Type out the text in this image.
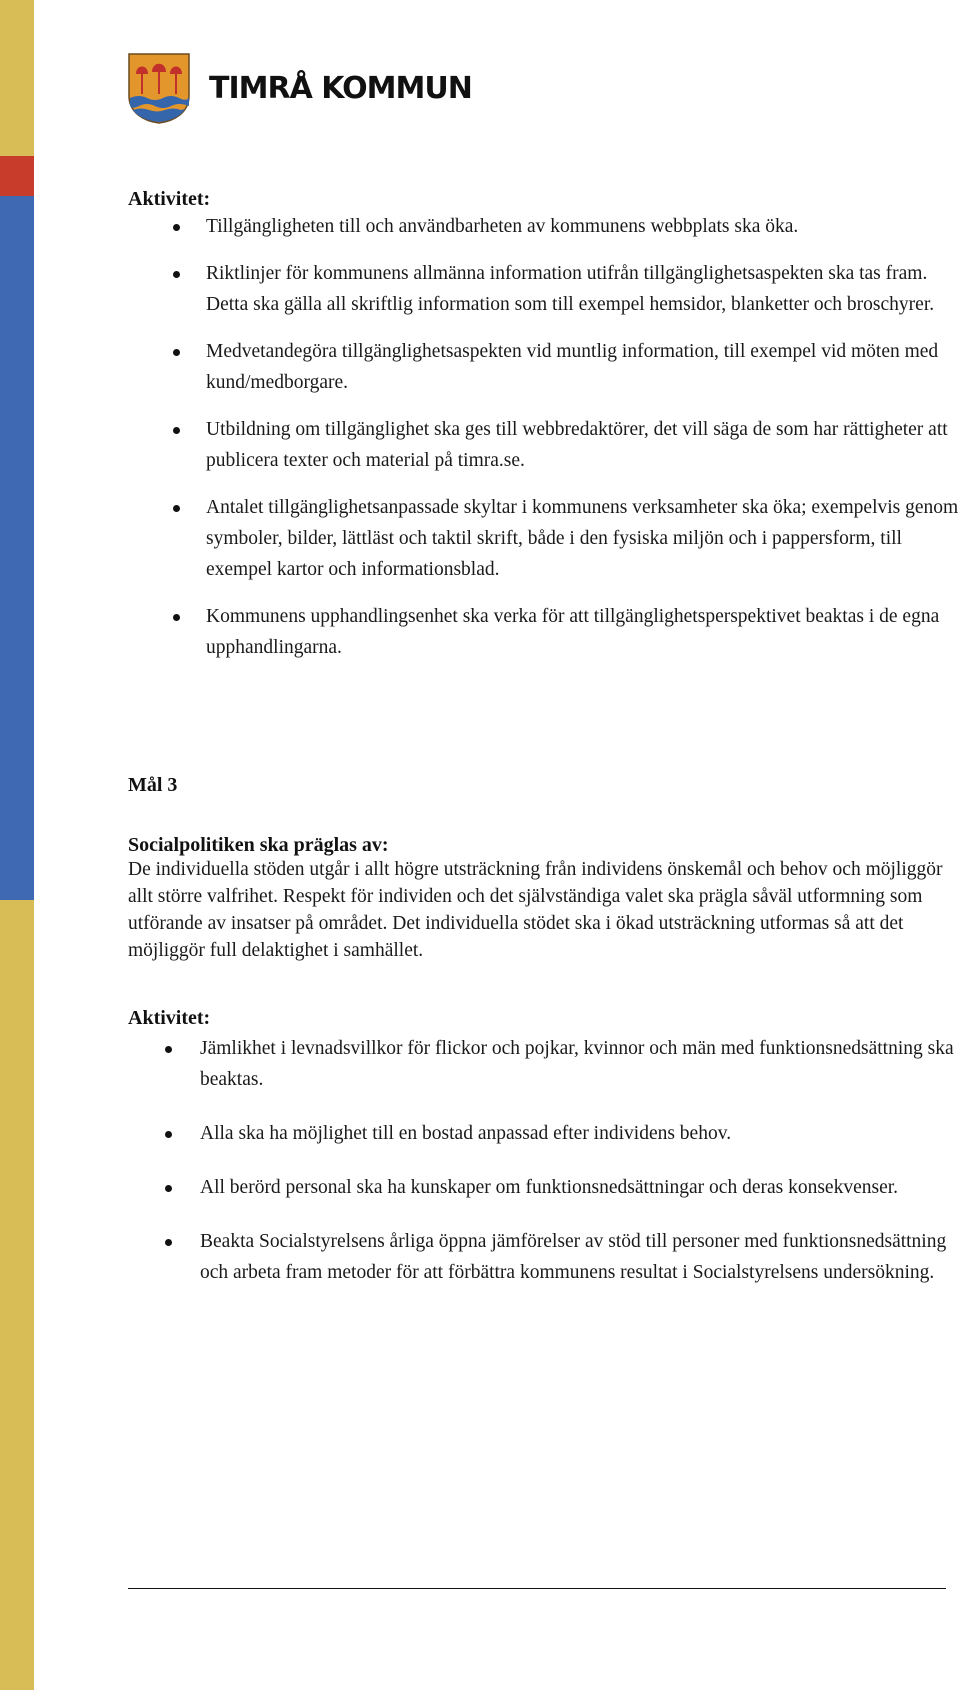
TIMRÅ KOMMUN
Aktivitet:
Tillgängligheten till och användbarheten av kommunens webbplats ska öka.
Riktlinjer för kommunens allmänna information utifrån tillgänglighetsaspekten ska tas fram. Detta ska gälla all skriftlig information som till exempel hemsidor, blanketter och broschyrer.
Medvetandegöra tillgänglighetsaspekten vid muntlig information, till exempel vid möten med kund/medborgare.
Utbildning om tillgänglighet ska ges till webbredaktörer, det vill säga de som har rättigheter att publicera texter och material på timra.se.
Antalet tillgänglighetsanpassade skyltar i kommunens verksamheter ska öka; exempelvis genom symboler, bilder, lättläst och taktil skrift, både i den fysiska miljön och i pappersform, till exempel kartor och informationsblad.
Kommunens upphandlingsenhet ska verka för att tillgänglighetsperspektivet beaktas i de egna upphandlingarna.
Mål 3
Socialpolitiken ska präglas av:

De individuella stöden utgår i allt högre utsträckning från individens önskemål och behov och möjliggör allt större valfrihet. Respekt för individen och det självständiga valet ska prägla såväl utformning som utförande av insatser på området. Det individuella stödet ska i ökad utsträckning utformas så att det möjliggör full delaktighet i samhället.

Aktivitet:
Jämlikhet i levnadsvillkor för flickor och pojkar, kvinnor och män med funktionsnedsättning ska beaktas.
Alla ska ha möjlighet till en bostad anpassad efter individens behov.
All berörd personal ska ha kunskaper om funktionsnedsättningar och deras konsekvenser.
Beakta Socialstyrelsens årliga öppna jämförelser av stöd till personer med funktionsnedsättning och arbeta fram metoder för att förbättra kommunens resultat i Socialstyrelsens undersökning.
